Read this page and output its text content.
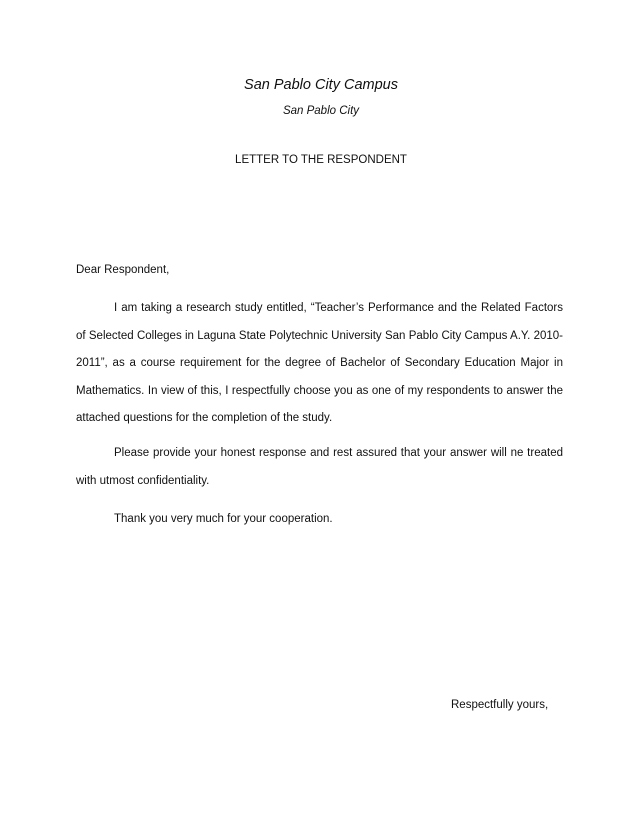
San Pablo City Campus
San Pablo City
LETTER TO THE RESPONDENT
Dear Respondent,
I am taking a research study entitled, “Teacher’s Performance and the Related Factors of Selected Colleges in Laguna State Polytechnic University San Pablo City Campus A.Y. 2010-2011”, as a course requirement for the degree of Bachelor of Secondary Education Major in Mathematics. In view of this, I respectfully choose you as one of my respondents to answer the attached questions for the completion of the study.
Please provide your honest response and rest assured that your answer will ne treated with utmost confidentiality.
Thank you very much for your cooperation.
Respectfully yours,
